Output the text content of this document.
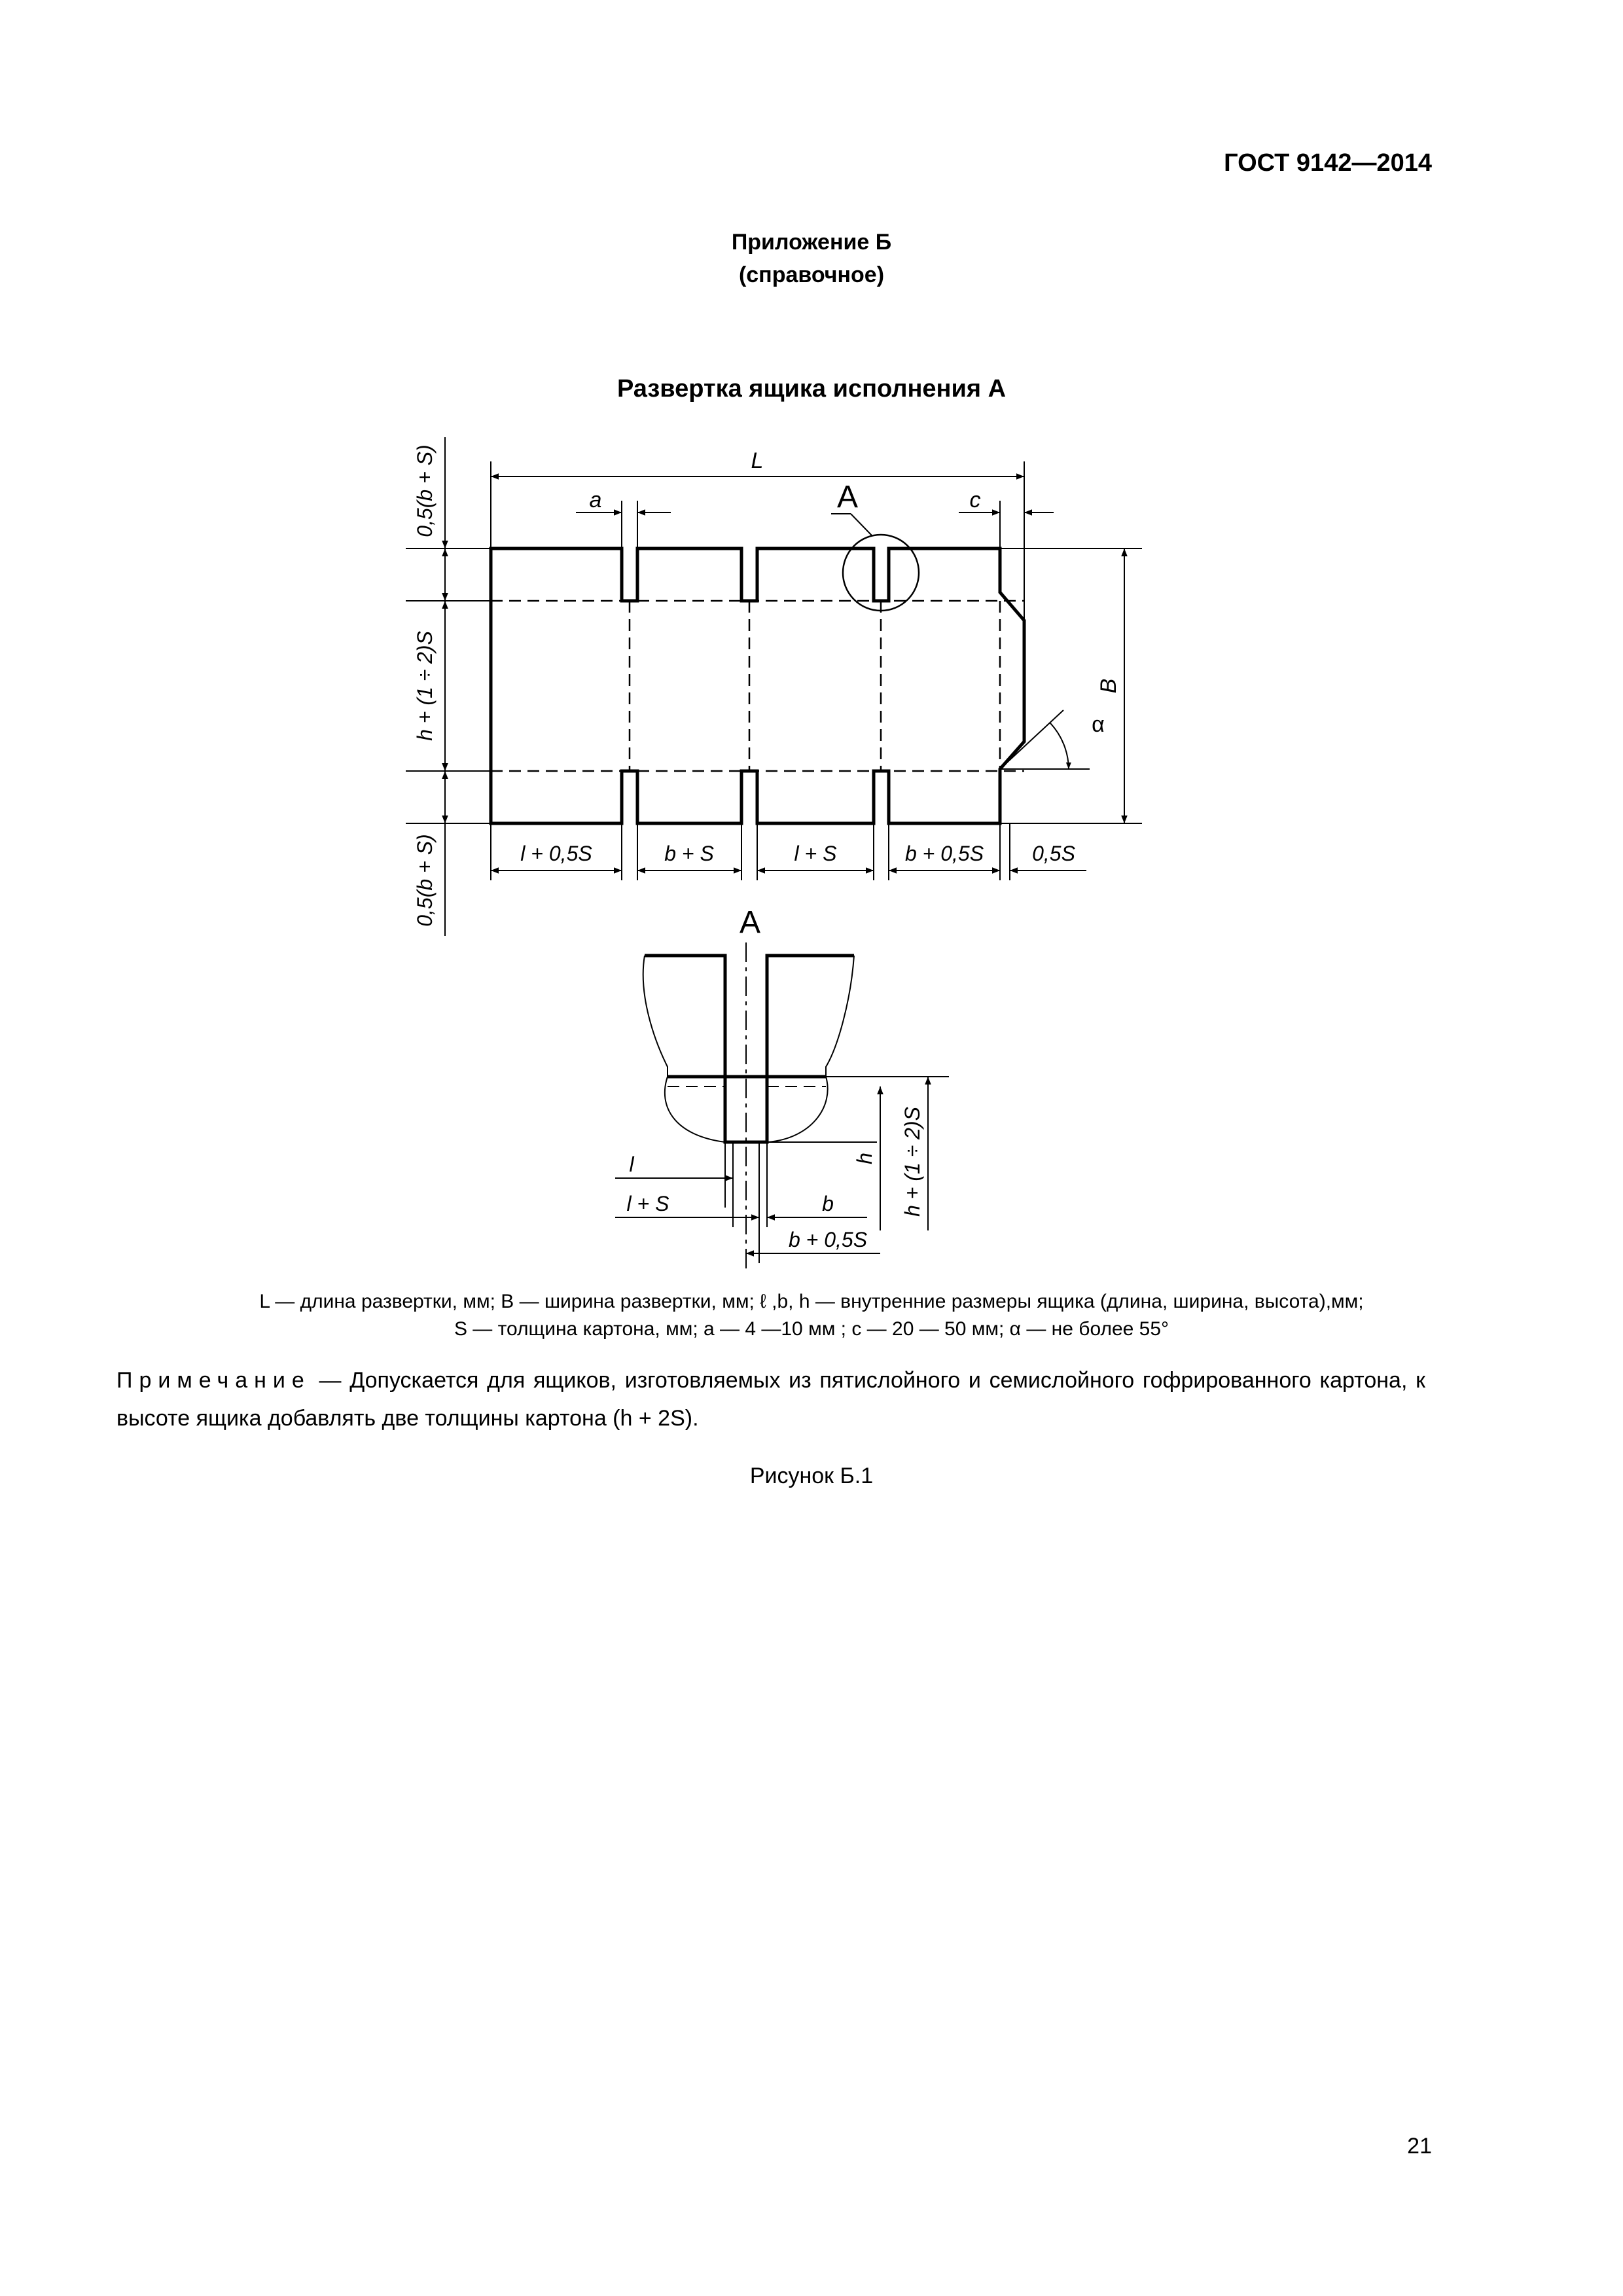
ГОСТ 9142—2014
Приложение Б
(справочное)
Развертка ящика исполнения А
L
a	c
А
0,5(b + S)
h + (1 ÷ 2)S
0,5(b + S)
B
α
l + 0,5S	b + S	l + S	b + 0,5S 0,5S
А
l
l + S	b
b + 0,5S
h h + (1 ÷ 2)S
L — длина развертки, мм; B — ширина развертки, мм; ℓ ,b, h — внутренние размеры ящика (длина, ширина, высота),мм;
S — толщина картона, мм; a — 4 —10 мм ; c — 20 — 50 мм; α — не более 55°
Примечание — Допускается для ящиков, изготовляемых из пятислойного и семислойного гофрированного картона, к высоте ящика добавлять две толщины картона (h + 2S).
Рисунок Б.1
21
